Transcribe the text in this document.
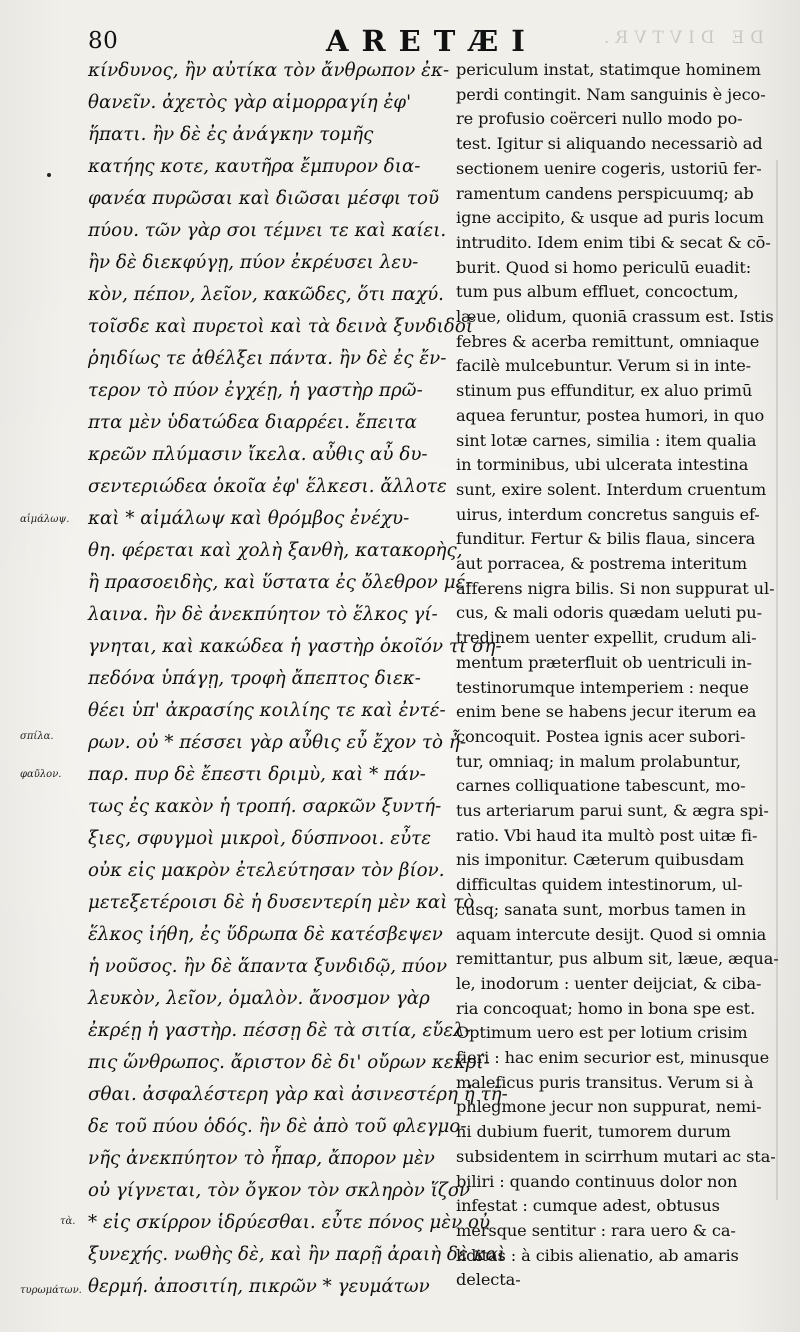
80	ARETÆI	DE DIVTVR.
αἰμάλωψ.
σπίλα.
φαῦλον.
τὰ.
τυρωμάτων.
κίνδυνος, ἢν αὐτίκα τὸν ἄνθρωπον ἐκ-
θανεῖν. ἀχετὸς γὰρ αἱμορραγίη ἐφ'
ἥπατι. ἢν δὲ ἐς ἀνάγκην τομῆς
κατήης κοτε, καυτῆρα ἔμπυρον δια-
φανέα πυρῶσαι καὶ διῶσαι μέσφι τοῦ
πύου. τῶν γὰρ σοι τέμνει τε καὶ καίει.
ἢν δὲ διεκφύγῃ, πύον ἐκρέυσει λευ-
κὸν, πέπον, λεῖον, κακῶδες, ὅτι παχύ.
τοῖσδε καὶ πυρετοὶ καὶ τὰ δεινὰ ξυνδιδοῖ
ῥηιδίως τε ἀθέλξει πάντα. ἢν δὲ ἐς ἔν-
τερον τὸ πύον ἐγχέῃ, ἡ γαστὴρ πρῶ-
πτα μὲν ὑδατώδεα διαρρέει. ἔπειτα
κρεῶν πλύμασιν ἴκελα. αὖθις αὖ δυ-
σεντεριώδεα ὁκοῖα ἐφ' ἕλκεσι. ἄλλοτε
καὶ * αἱμάλωψ καὶ θρόμβος ἐνέχυ-
θη. φέρεται καὶ χολὴ ξανθὴ, κατακορὴς,
ἢ πρασοειδὴς, καὶ ὕστατα ἐς ὄλεθρον μέ-
λαινα. ἢν δὲ ἀνεκπύητον τὸ ἕλκος γί-
γνηται, καὶ κακώδεα ἡ γαστὴρ ὁκοῖόν τι ση-
πεδόνα ὑπάγῃ, τροφὴ ἄπεπτος διεκ-
θέει ὑπ' ἀκρασίης κοιλίης τε καὶ ἐντέ-
ρων. οὐ * πέσσει γὰρ αὖθις εὖ ἔχον τὸ ἧ-
παρ. πυρ δὲ ἔπεστι δριμὺ, καὶ * πάν-
τως ἐς κακὸν ἡ τροπή. σαρκῶν ξυντή-
ξιες, σφυγμοὶ μικροὶ, δύσπνοοι. εὖτε
οὐκ εἰς μακρὸν ἐτελεύτησαν τὸν βίον.
μετεξετέροισι δὲ ἡ δυσεντερίη μὲν καὶ τὸ
ἕλκος ἰήθη, ἐς ὕδρωπα δὲ κατέσβεψεν
ἡ νοῦσος. ἢν δὲ ἅπαντα ξυνδιδῷ, πύον
λευκὸν, λεῖον, ὁμαλὸν. ἄνοσμον γὰρ
ἐκρέῃ ἡ γαστὴρ. πέσσῃ δὲ τὰ σιτία, εὔελ-
πις ὥνθρωπος. ἄριστον δὲ δι' οὔρων κεκρί-
σθαι. ἀσφαλέστερη γὰρ καὶ ἀσινεστέρη ἡ τῆ-
δε τοῦ πύου ὁδός. ἢν δὲ ἀπὸ τοῦ φλεγμο-
νῆς ἀνεκπύητον τὸ ἧπαρ, ἄπορον μὲν
οὐ γίγνεται, τὸν ὄγκον τὸν σκληρὸν ἵζον
* εἰς σκίρρον ἱδρύεσθαι. εὖτε πόνος μὲν οὐ
ξυνεχής. νωθὴς δὲ, καὶ ἢν παρῇ ἀραιὴ δὲ καὶ
θερμή. ἀποσιτίη, πικρῶν * γευμάτων
periculum instat, statimque hominem
perdi contingit. Nam sanguinis è jeco-
re profusio coërceri nullo modo po-
test. Igitur si aliquando necessariò ad
sectionem uenire cogeris, ustoriū fer-
ramentum candens perspicuumq; ab
igne accipito, & usque ad puris locum
intrudito. Idem enim tibi & secat & cō-
burit. Quod si homo periculū euadit:
tum pus album effluet, concoctum,
læue, olidum, quoniā crassum est. Istis
febres & acerba remittunt, omniaque
facilè mulcebuntur. Verum si in inte-
stinum pus effunditur, ex aluo primū
aquea feruntur, postea humori, in quo
sint lotæ carnes, similia : item qualia
in torminibus, ubi ulcerata intestina
sunt, exire solent. Interdum cruentum
uirus, interdum concretus sanguis ef-
funditur. Fertur & bilis flaua, sincera
aut porracea, & postrema interitum
afferens nigra bilis. Si non suppurat ul-
cus, & mali odoris quædam ueluti pu-
tredinem uenter expellit, crudum ali-
mentum præterfluit ob uentriculi in-
testinorumque intemperiem : neque
enim bene se habens jecur iterum ea
concoquit. Postea ignis acer subori-
tur, omniaq; in malum prolabuntur,
carnes colliquatione tabescunt, mo-
tus arteriarum parui sunt, & ægra spi-
ratio. Vbi haud ita multò post uitæ fi-
nis imponitur. Cæterum quibusdam
difficultas quidem intestinorum, ul-
cusq; sanata sunt, morbus tamen in
aquam intercute desijt. Quod si omnia
remittantur, pus album sit, læue, æqua-
le, inodorum : uenter deijciat, & ciba-
ria concoquat; homo in bona spe est.
Optimum uero est per lotium crisim
fieri : hac enim securior est, minusque
maleficus puris transitus. Verum si à
phlegmone jecur non suppurat, nemi-
ni dubium fuerit, tumorem durum
subsidentem in scirrhum mutari ac sta-
biliri : quando continuus dolor non
infestat : cumque adest, obtusus
mersque sentitur : rara uero & ca-
liditas : à cibis alienatio, ab amaris
delecta-
